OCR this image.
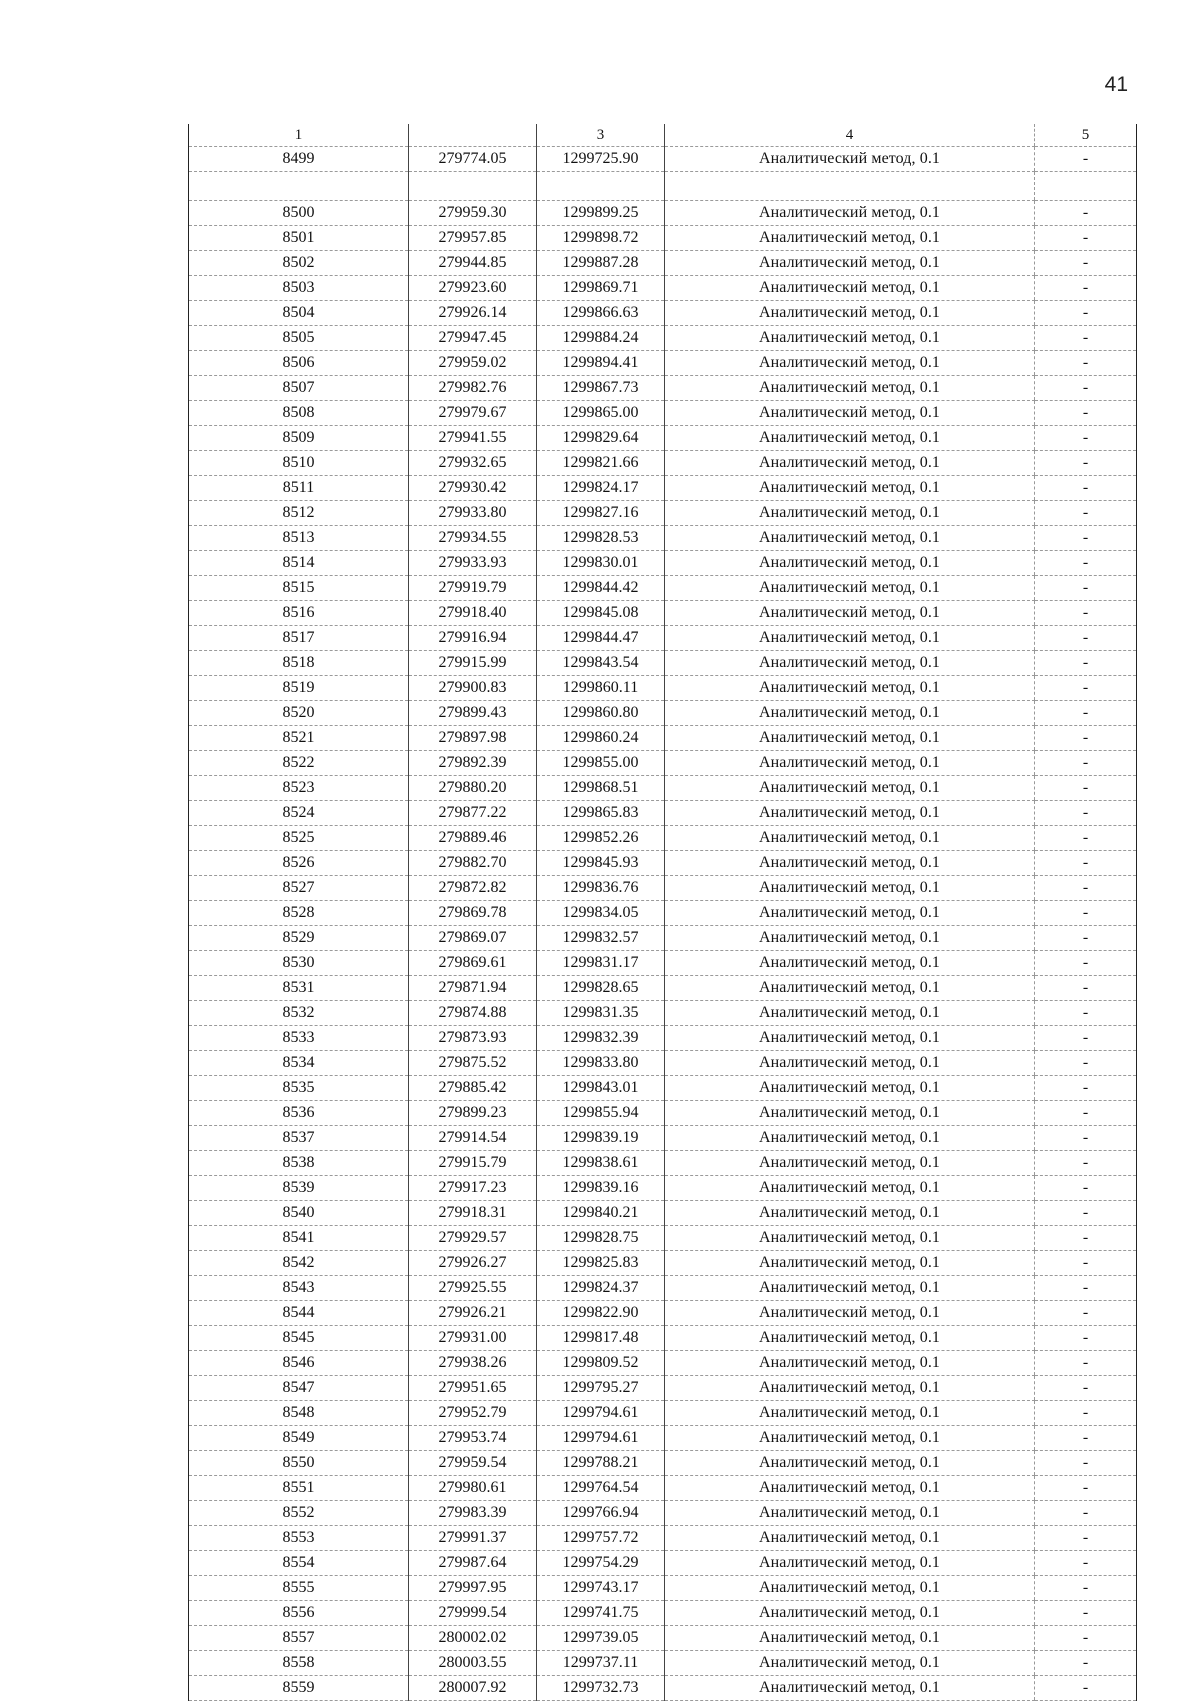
41
1		3	4	5
8499	279774.05	1299725.90	Аналитический метод, 0.1	-

8500	279959.30	1299899.25	Аналитический метод, 0.1	-
8501	279957.85	1299898.72	Аналитический метод, 0.1	-
8502	279944.85	1299887.28	Аналитический метод, 0.1	-
8503	279923.60	1299869.71	Аналитический метод, 0.1	-
8504	279926.14	1299866.63	Аналитический метод, 0.1	-
8505	279947.45	1299884.24	Аналитический метод, 0.1	-
8506	279959.02	1299894.41	Аналитический метод, 0.1	-
8507	279982.76	1299867.73	Аналитический метод, 0.1	-
8508	279979.67	1299865.00	Аналитический метод, 0.1	-
8509	279941.55	1299829.64	Аналитический метод, 0.1	-
8510	279932.65	1299821.66	Аналитический метод, 0.1	-
8511	279930.42	1299824.17	Аналитический метод, 0.1	-
8512	279933.80	1299827.16	Аналитический метод, 0.1	-
8513	279934.55	1299828.53	Аналитический метод, 0.1	-
8514	279933.93	1299830.01	Аналитический метод, 0.1	-
8515	279919.79	1299844.42	Аналитический метод, 0.1	-
8516	279918.40	1299845.08	Аналитический метод, 0.1	-
8517	279916.94	1299844.47	Аналитический метод, 0.1	-
8518	279915.99	1299843.54	Аналитический метод, 0.1	-
8519	279900.83	1299860.11	Аналитический метод, 0.1	-
8520	279899.43	1299860.80	Аналитический метод, 0.1	-
8521	279897.98	1299860.24	Аналитический метод, 0.1	-
8522	279892.39	1299855.00	Аналитический метод, 0.1	-
8523	279880.20	1299868.51	Аналитический метод, 0.1	-
8524	279877.22	1299865.83	Аналитический метод, 0.1	-
8525	279889.46	1299852.26	Аналитический метод, 0.1	-
8526	279882.70	1299845.93	Аналитический метод, 0.1	-
8527	279872.82	1299836.76	Аналитический метод, 0.1	-
8528	279869.78	1299834.05	Аналитический метод, 0.1	-
8529	279869.07	1299832.57	Аналитический метод, 0.1	-
8530	279869.61	1299831.17	Аналитический метод, 0.1	-
8531	279871.94	1299828.65	Аналитический метод, 0.1	-
8532	279874.88	1299831.35	Аналитический метод, 0.1	-
8533	279873.93	1299832.39	Аналитический метод, 0.1	-
8534	279875.52	1299833.80	Аналитический метод, 0.1	-
8535	279885.42	1299843.01	Аналитический метод, 0.1	-
8536	279899.23	1299855.94	Аналитический метод, 0.1	-
8537	279914.54	1299839.19	Аналитический метод, 0.1	-
8538	279915.79	1299838.61	Аналитический метод, 0.1	-
8539	279917.23	1299839.16	Аналитический метод, 0.1	-
8540	279918.31	1299840.21	Аналитический метод, 0.1	-
8541	279929.57	1299828.75	Аналитический метод, 0.1	-
8542	279926.27	1299825.83	Аналитический метод, 0.1	-
8543	279925.55	1299824.37	Аналитический метод, 0.1	-
8544	279926.21	1299822.90	Аналитический метод, 0.1	-
8545	279931.00	1299817.48	Аналитический метод, 0.1	-
8546	279938.26	1299809.52	Аналитический метод, 0.1	-
8547	279951.65	1299795.27	Аналитический метод, 0.1	-
8548	279952.79	1299794.61	Аналитический метод, 0.1	-
8549	279953.74	1299794.61	Аналитический метод, 0.1	-
8550	279959.54	1299788.21	Аналитический метод, 0.1	-
8551	279980.61	1299764.54	Аналитический метод, 0.1	-
8552	279983.39	1299766.94	Аналитический метод, 0.1	-
8553	279991.37	1299757.72	Аналитический метод, 0.1	-
8554	279987.64	1299754.29	Аналитический метод, 0.1	-
8555	279997.95	1299743.17	Аналитический метод, 0.1	-
8556	279999.54	1299741.75	Аналитический метод, 0.1	-
8557	280002.02	1299739.05	Аналитический метод, 0.1	-
8558	280003.55	1299737.11	Аналитический метод, 0.1	-
8559	280007.92	1299732.73	Аналитический метод, 0.1	-
